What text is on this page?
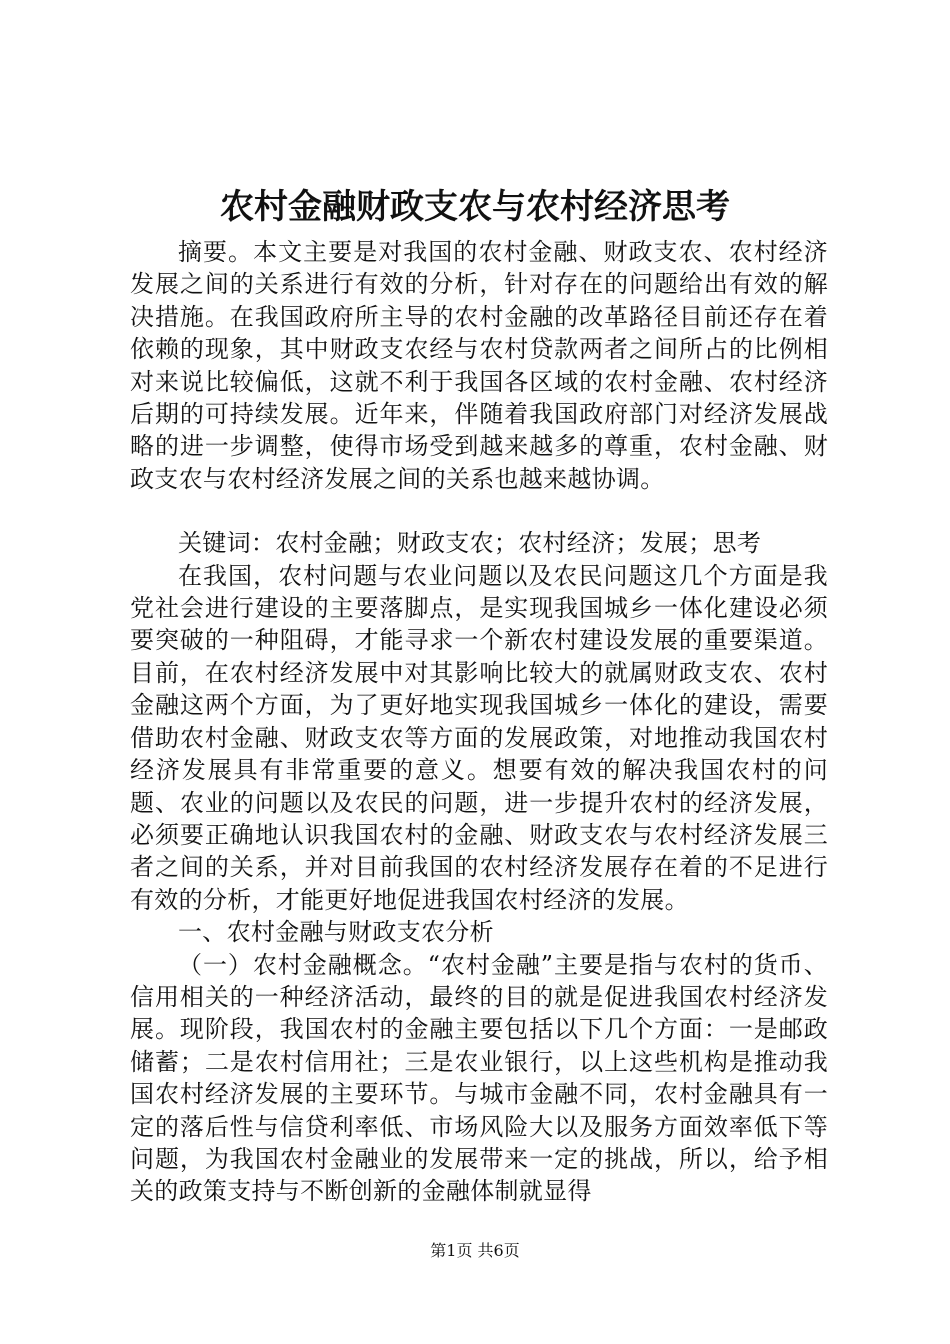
农村金融财政支农与农村经济思考

摘要。本文主要是对我国的农村金融、财政支农、农村经济发展之间的关系进行有效的分析，针对存在的问题给出有效的解决措施。在我国政府所主导的农村金融的改革路径目前还存在着依赖的现象，其中财政支农经与农村贷款两者之间所占的比例相对来说比较偏低，这就不利于我国各区域的农村金融、农村经济后期的可持续发展。近年来，伴随着我国政府部门对经济发展战略的进一步调整，使得市场受到越来越多的尊重，农村金融、财政支农与农村经济发展之间的关系也越来越协调。

关键词：农村金融；财政支农；农村经济；发展；思考

在我国，农村问题与农业问题以及农民问题这几个方面是我党社会进行建设的主要落脚点，是实现我国城乡一体化建设必须要突破的一种阻碍，才能寻求一个新农村建设发展的重要渠道。目前，在农村经济发展中对其影响比较大的就属财政支农、农村金融这两个方面，为了更好地实现我国城乡一体化的建设，需要借助农村金融、财政支农等方面的发展政策，对地推动我国农村经济发展具有非常重要的意义。想要有效的解决我国农村的问题、农业的问题以及农民的问题，进一步提升农村的经济发展，必须要正确地认识我国农村的金融、财政支农与农村经济发展三者之间的关系，并对目前我国的农村经济发展存在着的不足进行有效的分析，才能更好地促进我国农村经济的发展。

一、农村金融与财政支农分析

（一）农村金融概念。“农村金融”主要是指与农村的货币、信用相关的一种经济活动，最终的目的就是促进我国农村经济发展。现阶段，我国农村的金融主要包括以下几个方面：一是邮政储蓄；二是农村信用社；三是农业银行，以上这些机构是推动我国农村经济发展的主要环节。与城市金融不同，农村金融具有一定的落后性与信贷利率低、市场风险大以及服务方面效率低下等问题，为我国农村金融业的发展带来一定的挑战，所以，给予相关的政策支持与不断创新的金融体制就显得

第1页 共6页
